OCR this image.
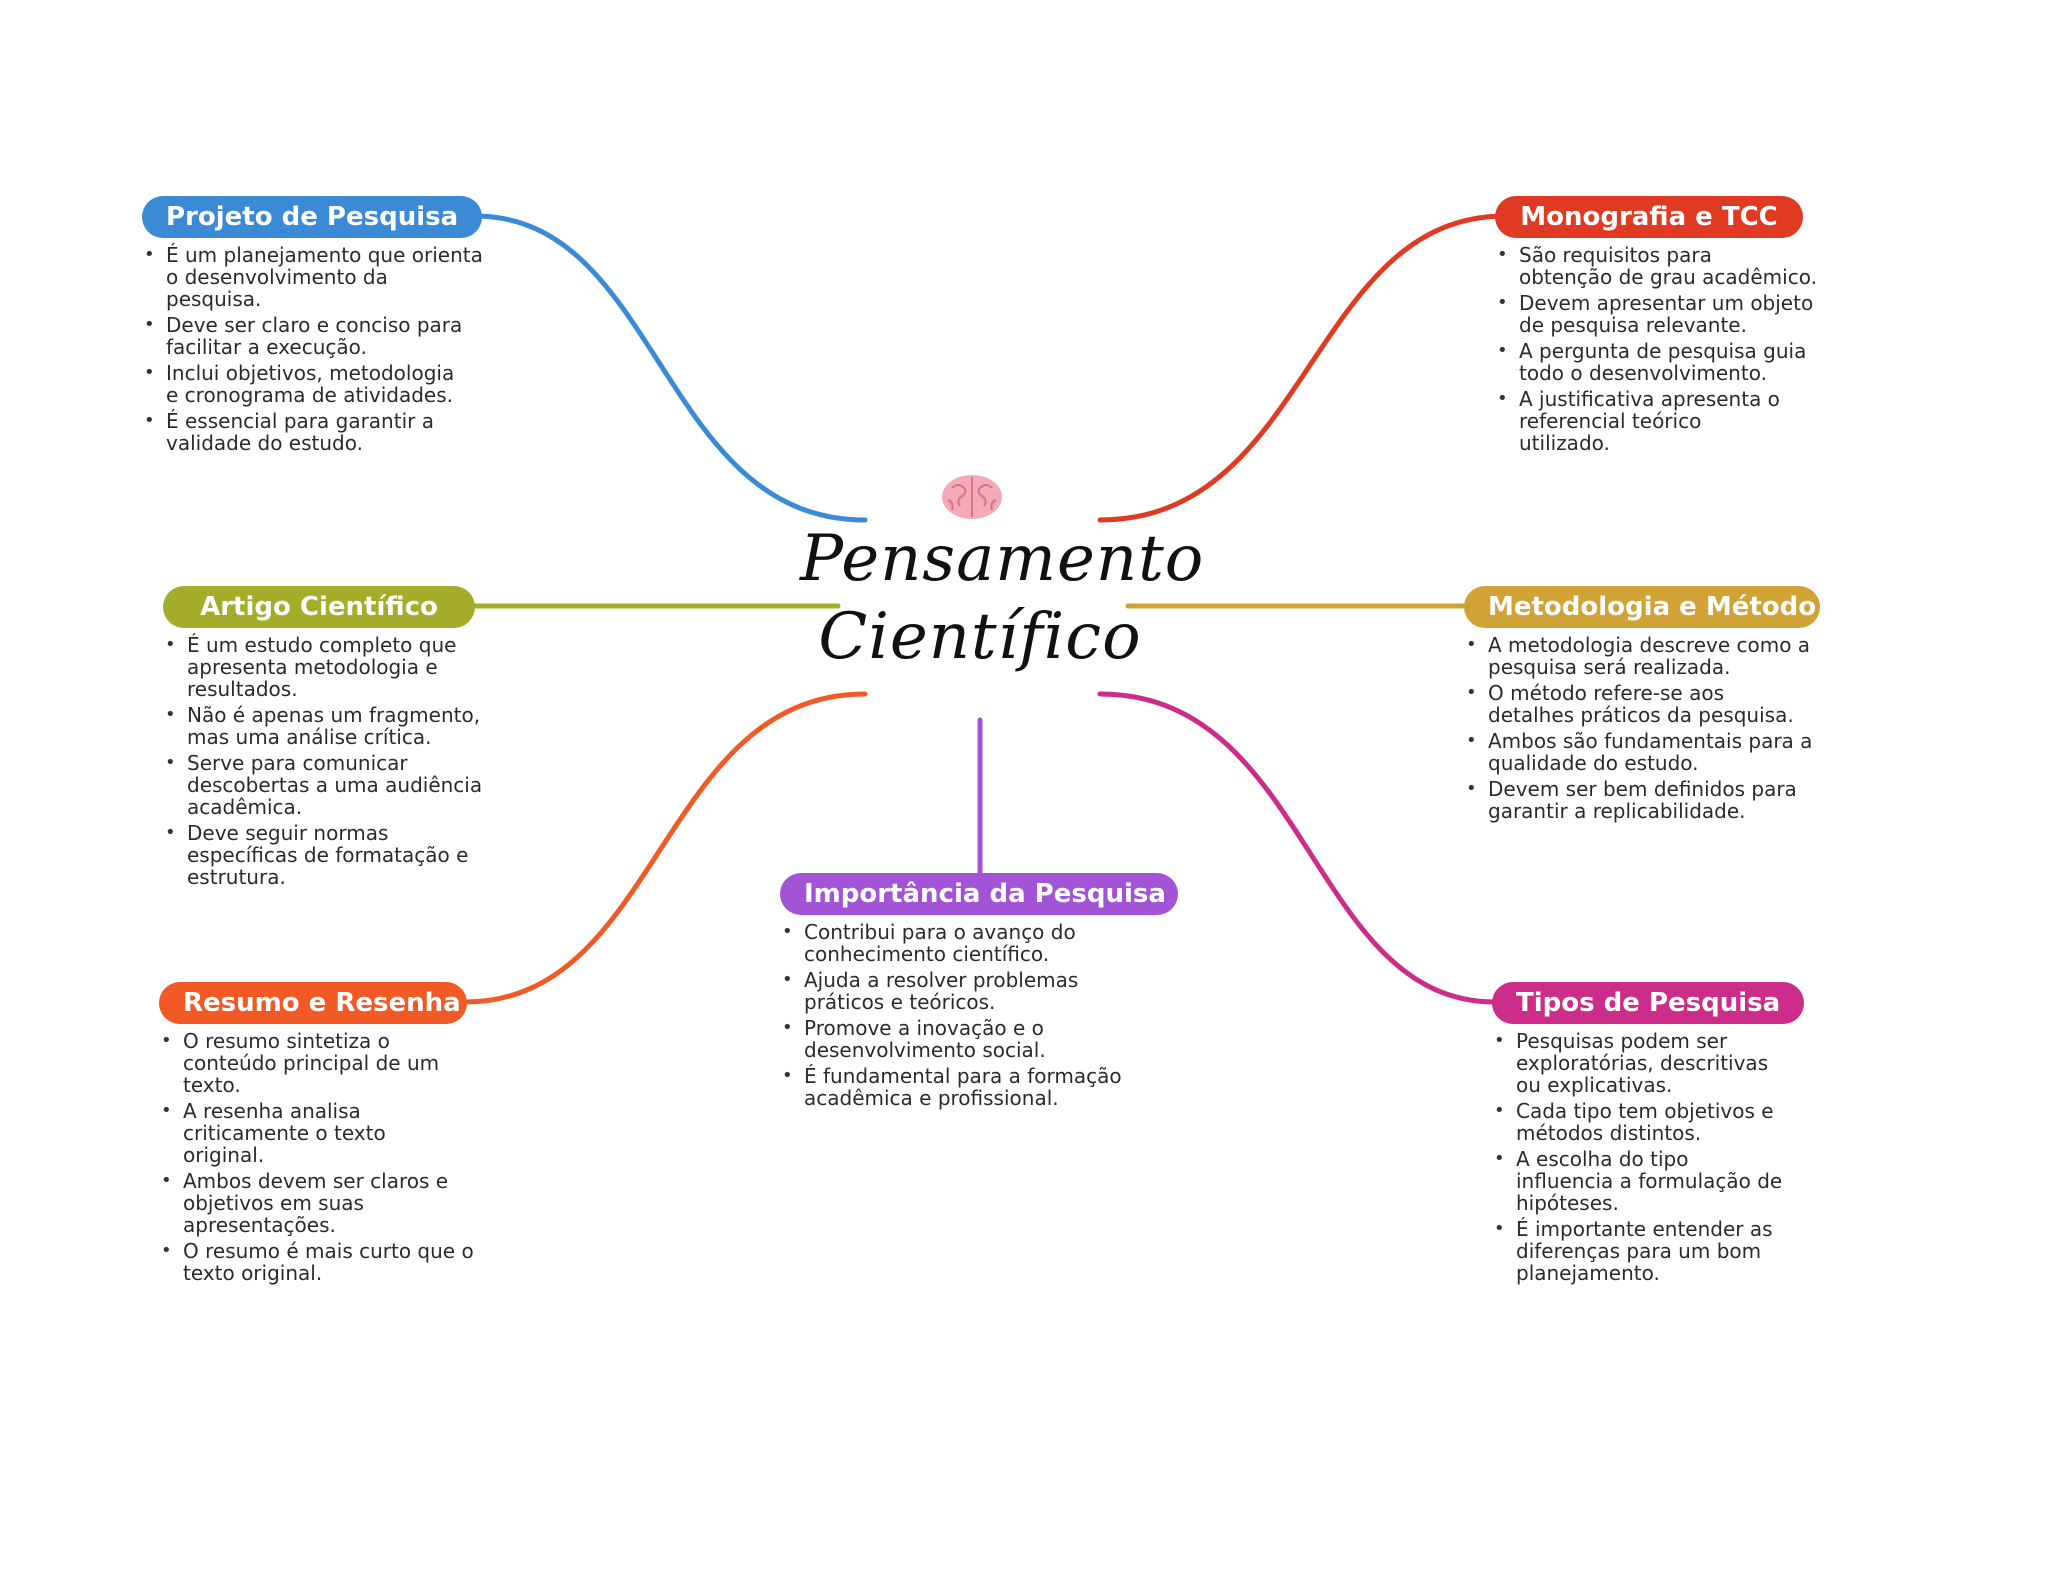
Pensamento
Científico
Projeto de Pesquisa
• É um planejamento que orienta
o desenvolvimento da
pesquisa.
• Deve ser claro e conciso para
facilitar a execução.
• Inclui objetivos, metodologia
e cronograma de atividades.
• É essencial para garantir a
validade do estudo.
Monografia e TCC
• São requisitos para
obtenção de grau acadêmico.
• Devem apresentar um objeto
de pesquisa relevante.
• A pergunta de pesquisa guia
todo o desenvolvimento.
• A justificativa apresenta o
referencial teórico
utilizado.
Artigo Científico
• É um estudo completo que
apresenta metodologia e
resultados.
• Não é apenas um fragmento,
mas uma análise crítica.
• Serve para comunicar
descobertas a uma audiência
acadêmica.
• Deve seguir normas
específicas de formatação e
estrutura.
Metodologia e Método
• A metodologia descreve como a
pesquisa será realizada.
• O método refere-se aos
detalhes práticos da pesquisa.
• Ambos são fundamentais para a
qualidade do estudo.
• Devem ser bem definidos para
garantir a replicabilidade.
Importância da Pesquisa
• Contribui para o avanço do
conhecimento científico.
• Ajuda a resolver problemas
práticos e teóricos.
• Promove a inovação e o
desenvolvimento social.
• É fundamental para a formação
acadêmica e profissional.
Resumo e Resenha
• O resumo sintetiza o
conteúdo principal de um
texto.
• A resenha analisa
criticamente o texto
original.
• Ambos devem ser claros e
objetivos em suas
apresentações.
• O resumo é mais curto que o
texto original.
Tipos de Pesquisa
• Pesquisas podem ser
exploratórias, descritivas
ou explicativas.
• Cada tipo tem objetivos e
métodos distintos.
• A escolha do tipo
influencia a formulação de
hipóteses.
• É importante entender as
diferenças para um bom
planejamento.
